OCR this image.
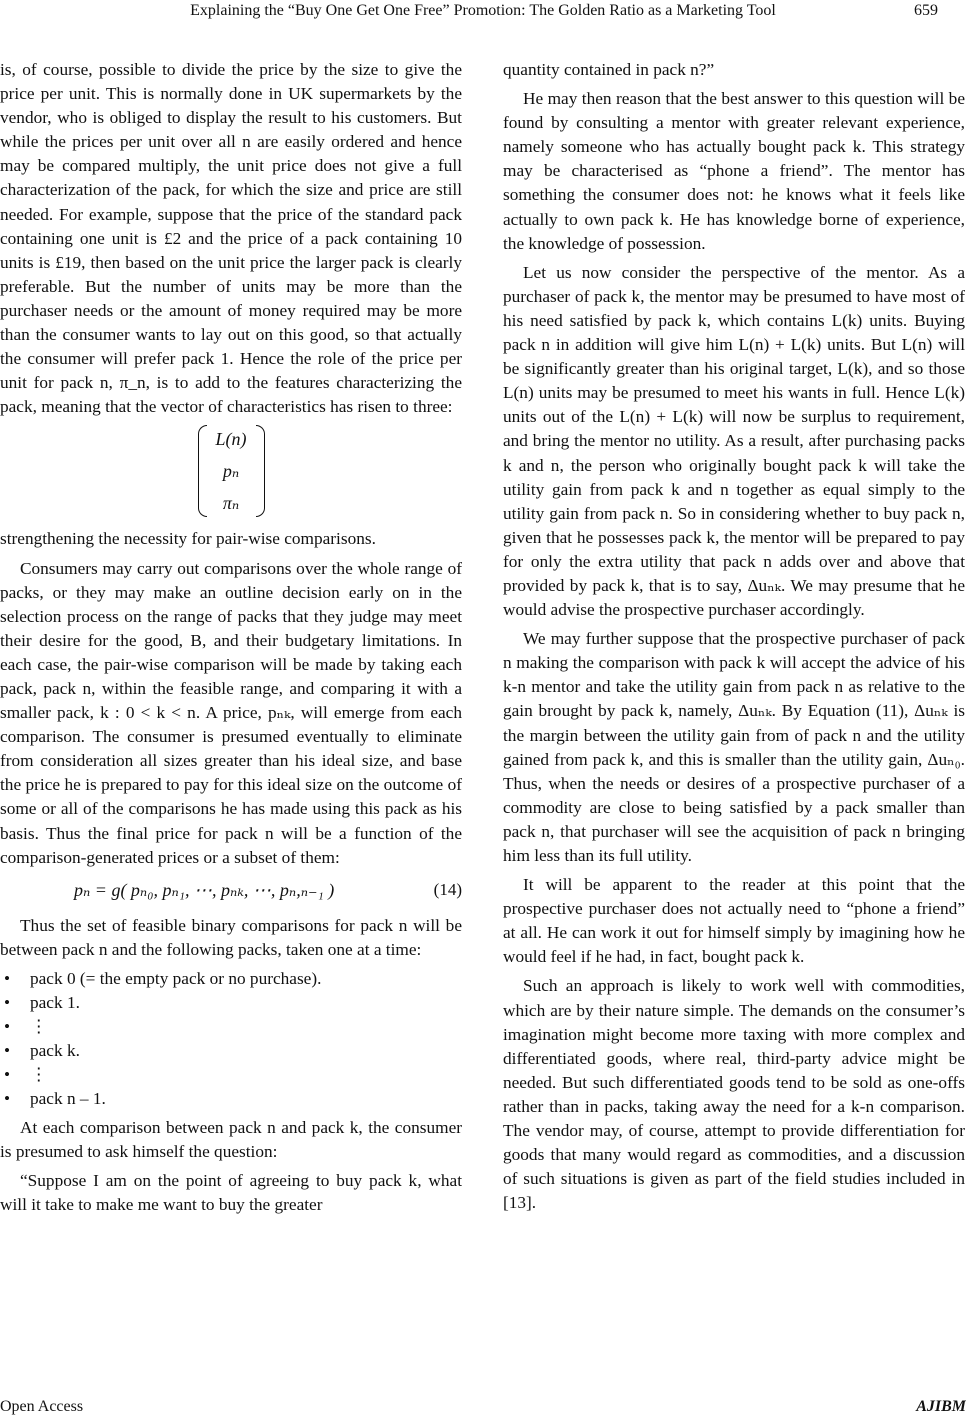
Explaining the “Buy One Get One Free” Promotion: The Golden Ratio as a Marketing Tool	659

is, of course, possible to divide the price by the size to give the price per unit. This is normally done in UK supermarkets by the vendor, who is obliged to display the result to his customers. But while the prices per unit over all n are easily ordered and hence may be compared multiply, the unit price does not give a full characterization of the pack, for which the size and price are still needed. For example, suppose that the price of the standard pack containing one unit is £2 and the price of a pack containing 10 units is £19, then based on the unit price the larger pack is clearly preferable. But the number of units may be more than the purchaser needs or the amount of money required may be more than the consumer wants to lay out on this good, so that actually the consumer will prefer pack 1. Hence the role of the price per unit for pack n, π_n, is to add to the features characterizing the pack, meaning that the vector of characteristics has risen to three:

L(n)
pₙ
πₙ

strengthening the necessity for pair-wise comparisons.

Consumers may carry out comparisons over the whole range of packs, or they may make an outline decision early on in the selection process on the range of packs that they judge may meet their desire for the good, B, and their budgetary limitations. In each case, the pair-wise comparison will be made by taking each pack, pack n, within the feasible range, and comparing it with a smaller pack, k : 0 < k < n. A price, pₙₖ, will emerge from each comparison. The consumer is presumed eventually to eliminate from consideration all sizes greater than his ideal size, and base the price he is prepared to pay for this ideal size on the outcome of some or all of the comparisons he has made using this pack as his basis. Thus the final price for pack n will be a function of the comparison-generated prices or a subset of them:

pₙ = g( pₙ₀, pₙ₁, ⋯, pₙₖ, ⋯, pₙ,ₙ₋₁ )	(14)

Thus the set of feasible binary comparisons for pack n will be between pack n and the following packs, taken one at a time:

• pack 0 (= the empty pack or no purchase).
• pack 1.
• ⋮
• pack k.
• ⋮
• pack n – 1.

At each comparison between pack n and pack k, the consumer is presumed to ask himself the question:

“Suppose I am on the point of agreeing to buy pack k, what will it take to make me want to buy the greater

quantity contained in pack n?”

He may then reason that the best answer to this question will be found by consulting a mentor with greater relevant experience, namely someone who has actually bought pack k. This strategy may be characterised as “phone a friend”. The mentor has something the consumer does not: he knows what it feels like actually to own pack k. He has knowledge borne of experience, the knowledge of possession.

Let us now consider the perspective of the mentor. As a purchaser of pack k, the mentor may be presumed to have most of his need satisfied by pack k, which contains L(k) units. Buying pack n in addition will give him L(n) + L(k) units. But L(n) will be significantly greater than his original target, L(k), and so those L(n) units may be presumed to meet his wants in full. Hence L(k) units out of the L(n) + L(k) will now be surplus to requirement, and bring the mentor no utility. As a result, after purchasing packs k and n, the person who originally bought pack k will take the utility gain from pack k and n together as equal simply to the utility gain from pack n. So in considering whether to buy pack n, given that he possesses pack k, the mentor will be prepared to pay for only the extra utility that pack n adds over and above that provided by pack k, that is to say, Δuₙₖ. We may presume that he would advise the prospective purchaser accordingly.

We may further suppose that the prospective purchaser of pack n making the comparison with pack k will accept the advice of his k-n mentor and take the utility gain from pack n as relative to the gain brought by pack k, namely, Δuₙₖ. By Equation (11), Δuₙₖ is the margin between the utility gain from of pack n and the utility gained from pack k, and this is smaller than the utility gain, Δuₙ₀. Thus, when the needs or desires of a prospective purchaser of a commodity are close to being satisfied by a pack smaller than pack n, that purchaser will see the acquisition of pack n bringing him less than its full utility.

It will be apparent to the reader at this point that the prospective purchaser does not actually need to “phone a friend” at all. He can work it out for himself simply by imagining how he would feel if he had, in fact, bought pack k.

Such an approach is likely to work well with commodities, which are by their nature simple. The demands on the consumer’s imagination might become more taxing with more complex and differentiated goods, where real, third-party advice might be needed. But such differentiated goods tend to be sold as one-offs rather than in packs, taking away the need for a k-n comparison. The vendor may, of course, attempt to provide differentiation for goods that many would regard as commodities, and a discussion of such situations is given as part of the field studies included in [13].

Open Access	AJIBM
